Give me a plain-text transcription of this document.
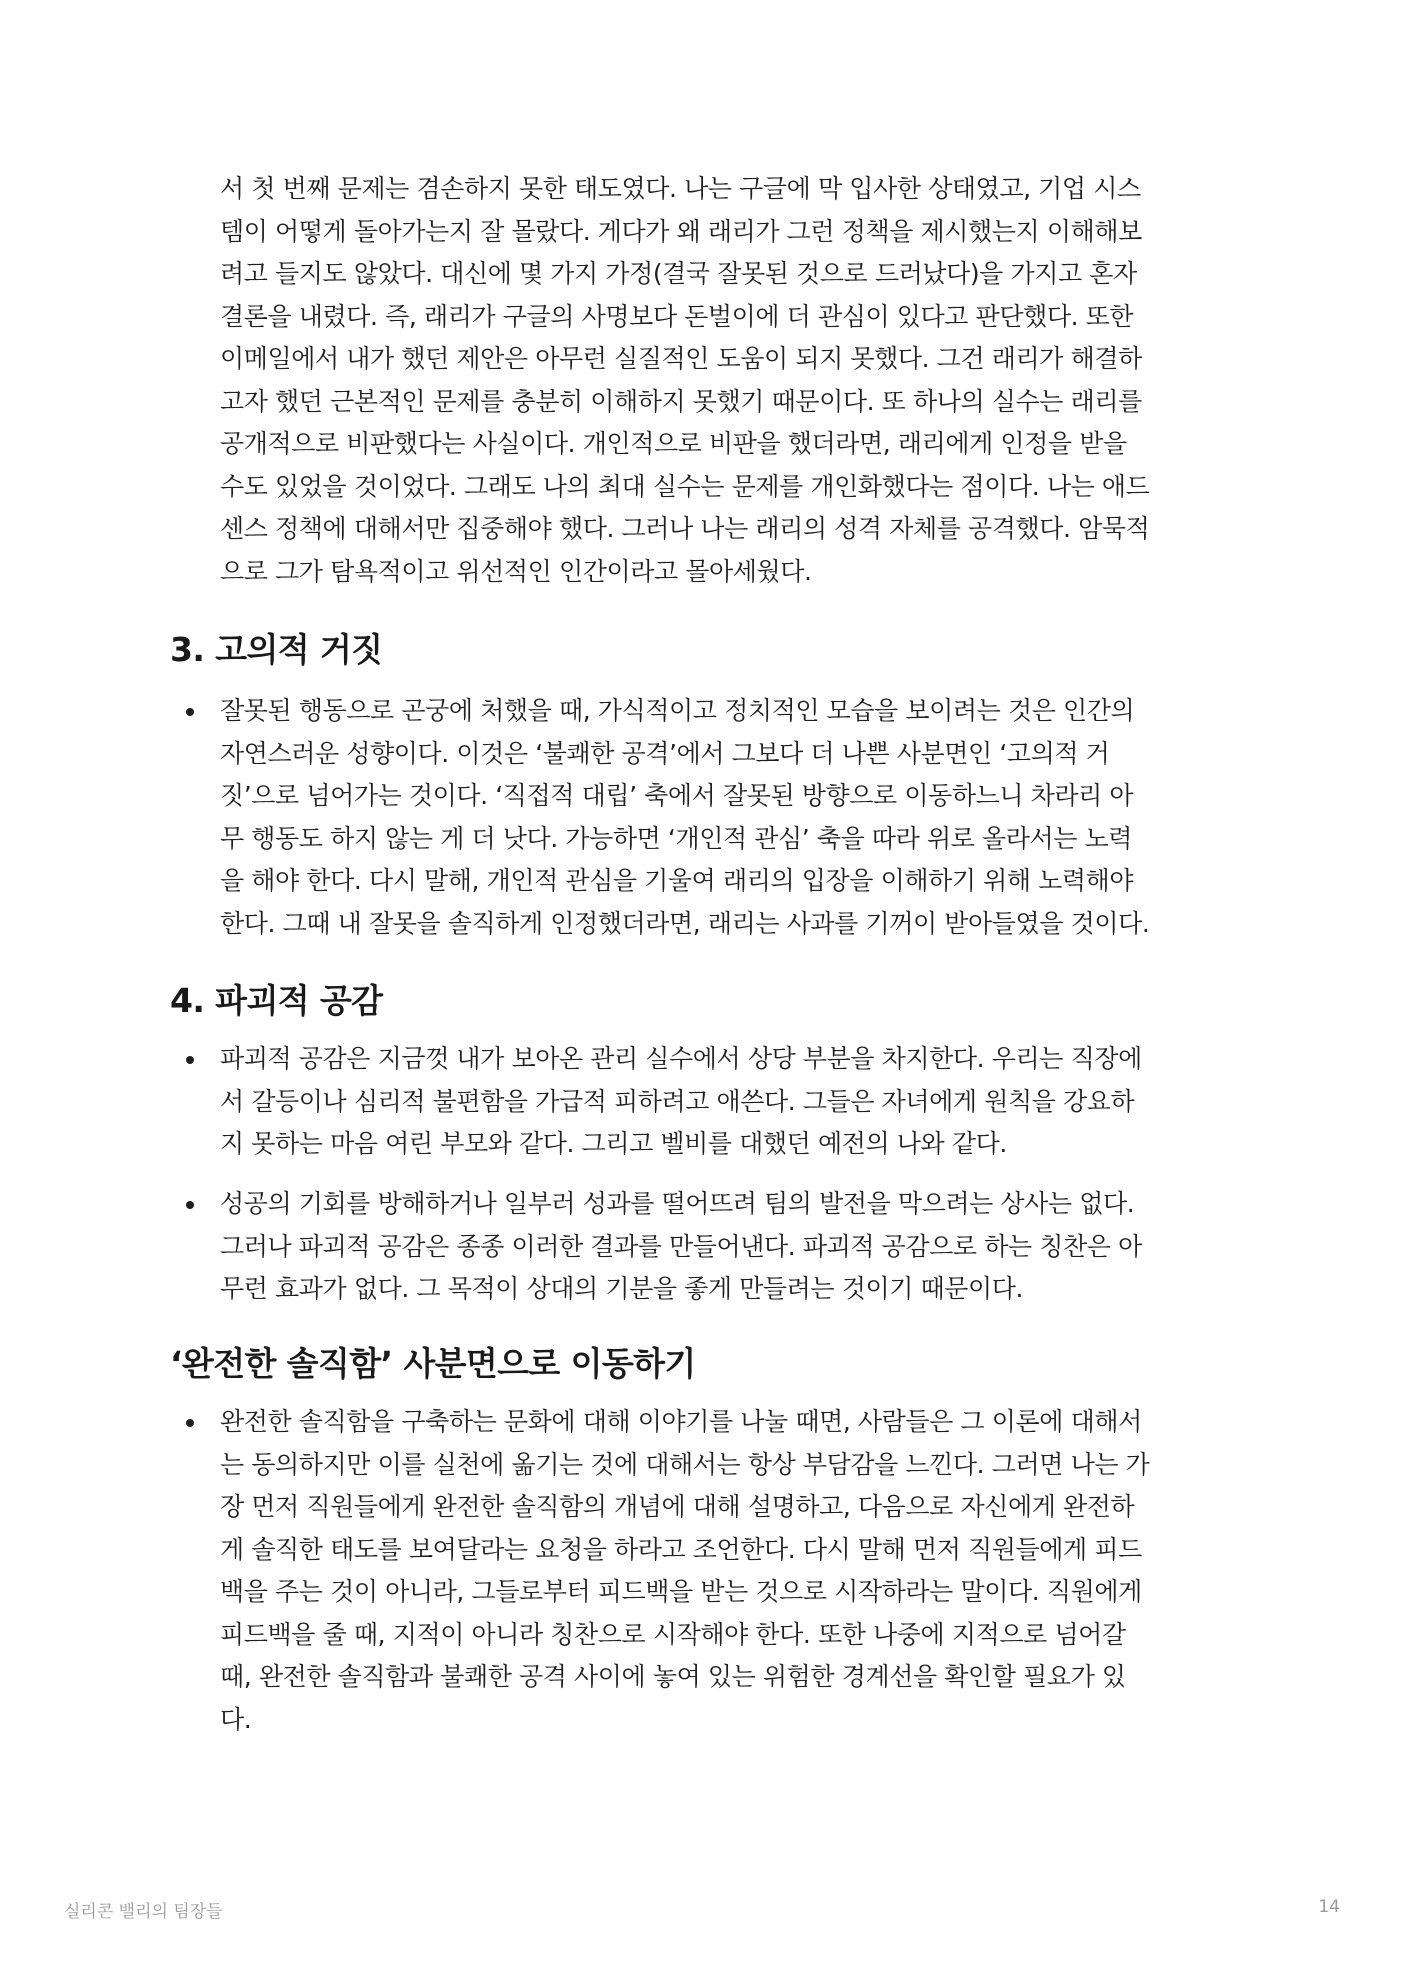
서 첫 번째 문제는 겸손하지 못한 태도였다. 나는 구글에 막 입사한 상태였고, 기업 시스
템이 어떻게 돌아가는지 잘 몰랐다. 게다가 왜 래리가 그런 정책을 제시했는지 이해해보
려고 들지도 않았다. 대신에 몇 가지 가정(결국 잘못된 것으로 드러났다)을 가지고 혼자
결론을 내렸다. 즉, 래리가 구글의 사명보다 돈벌이에 더 관심이 있다고 판단했다. 또한
이메일에서 내가 했던 제안은 아무런 실질적인 도움이 되지 못했다. 그건 래리가 해결하
고자 했던 근본적인 문제를 충분히 이해하지 못했기 때문이다. 또 하나의 실수는 래리를
공개적으로 비판했다는 사실이다. 개인적으로 비판을 했더라면, 래리에게 인정을 받을
수도 있었을 것이었다. 그래도 나의 최대 실수는 문제를 개인화했다는 점이다. 나는 애드
센스 정책에 대해서만 집중해야 했다. 그러나 나는 래리의 성격 자체를 공격했다. 암묵적
으로 그가 탐욕적이고 위선적인 인간이라고 몰아세웠다.

3. 고의적 거짓

잘못된 행동으로 곤궁에 처했을 때, 가식적이고 정치적인 모습을 보이려는 것은 인간의
자연스러운 성향이다. 이것은 ‘불쾌한 공격’에서 그보다 더 나쁜 사분면인 ‘고의적 거
짓’으로 넘어가는 것이다. ‘직접적 대립’ 축에서 잘못된 방향으로 이동하느니 차라리 아
무 행동도 하지 않는 게 더 낫다. 가능하면 ‘개인적 관심’ 축을 따라 위로 올라서는 노력
을 해야 한다. 다시 말해, 개인적 관심을 기울여 래리의 입장을 이해하기 위해 노력해야
한다. 그때 내 잘못을 솔직하게 인정했더라면, 래리는 사과를 기꺼이 받아들였을 것이다.

4. 파괴적 공감

파괴적 공감은 지금껏 내가 보아온 관리 실수에서 상당 부분을 차지한다. 우리는 직장에
서 갈등이나 심리적 불편함을 가급적 피하려고 애쓴다. 그들은 자녀에게 원칙을 강요하
지 못하는 마음 여린 부모와 같다. 그리고 벨비를 대했던 예전의 나와 같다.

성공의 기회를 방해하거나 일부러 성과를 떨어뜨려 팀의 발전을 막으려는 상사는 없다.
그러나 파괴적 공감은 종종 이러한 결과를 만들어낸다. 파괴적 공감으로 하는 칭찬은 아
무런 효과가 없다. 그 목적이 상대의 기분을 좋게 만들려는 것이기 때문이다.

‘완전한 솔직함’ 사분면으로 이동하기

완전한 솔직함을 구축하는 문화에 대해 이야기를 나눌 때면, 사람들은 그 이론에 대해서
는 동의하지만 이를 실천에 옮기는 것에 대해서는 항상 부담감을 느낀다. 그러면 나는 가
장 먼저 직원들에게 완전한 솔직함의 개념에 대해 설명하고, 다음으로 자신에게 완전하
게 솔직한 태도를 보여달라는 요청을 하라고 조언한다. 다시 말해 먼저 직원들에게 피드
백을 주는 것이 아니라, 그들로부터 피드백을 받는 것으로 시작하라는 말이다. 직원에게
피드백을 줄 때, 지적이 아니라 칭찬으로 시작해야 한다. 또한 나중에 지적으로 넘어갈
때, 완전한 솔직함과 불쾌한 공격 사이에 놓여 있는 위험한 경계선을 확인할 필요가 있
다.

실리콘 밸리의 팀장들	14
